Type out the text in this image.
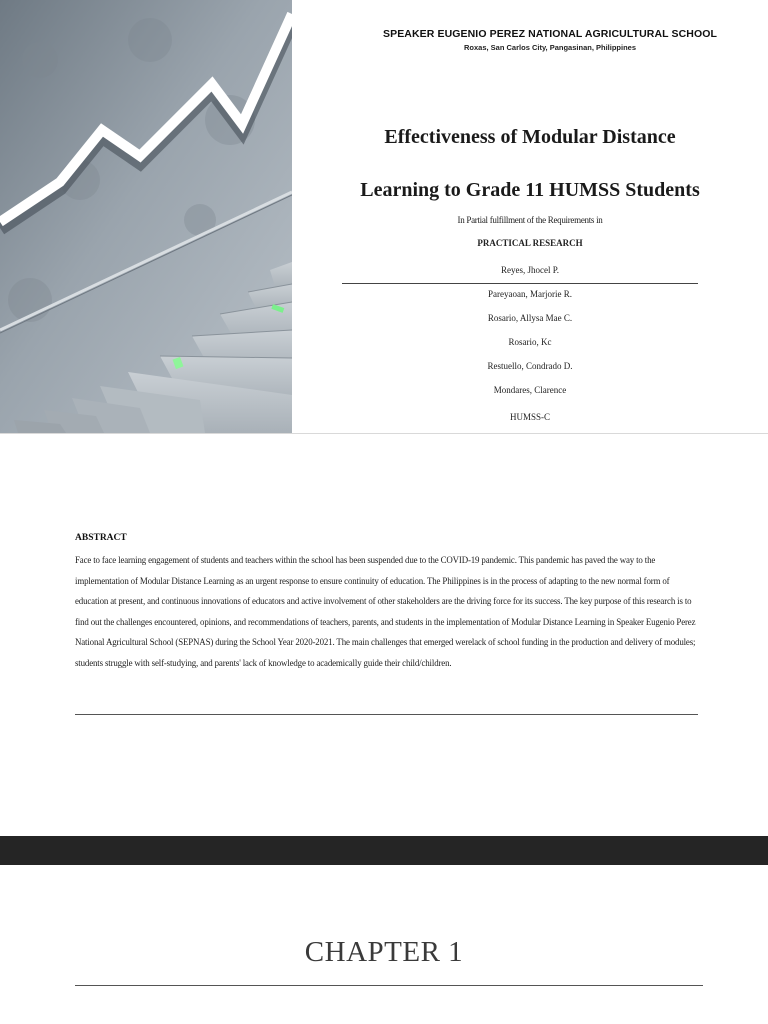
SPEAKER EUGENIO PEREZ NATIONAL AGRICULTURAL SCHOOL
Roxas, San Carlos City, Pangasinan, Philippines
Effectiveness of Modular Distance
Learning to Grade 11 HUMSS Students
In Partial fulfillment of the Requirements in
PRACTICAL RESEARCH
Reyes, Jhocel P.
Pareyaoan, Marjorie R.
Rosario, Allysa Mae C.
Rosario, Kc
Restuello, Condrado D.
Mondares, Clarence
HUMSS-C
ABSTRACT

Face to face learning engagement of students and teachers within the school has been suspended due to the COVID-19 pandemic. This pandemic has paved the way to the implementation of Modular Distance Learning as an urgent response to ensure continuity of education. The Philippines is in the process of adapting to the new normal form of education at present, and continuous innovations of educators and active involvement of other stakeholders are the driving force for its success. The key purpose of this research is to find out the challenges encountered, opinions, and recommendations of teachers, parents, and students in the implementation of Modular Distance Learning in Speaker Eugenio Perez National Agricultural School (SEPNAS) during the School Year 2020-2021. The main challenges that emerged werelack of school funding in the production and delivery of modules; students struggle with self-studying, and parents' lack of knowledge to academically guide their child/children.

CHAPTER 1
